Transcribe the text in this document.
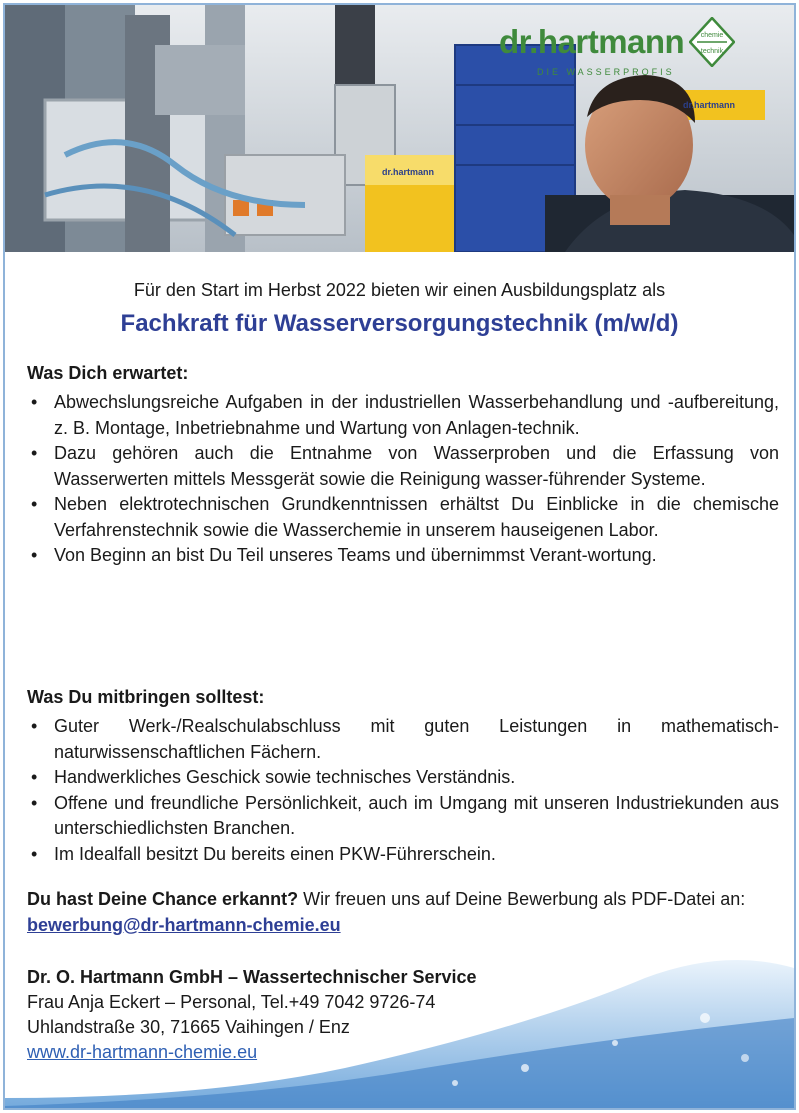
dr.hartmann
dr.hartmann
dr.hartmann
DIE WASSERPROFIS
chemie
technik
Für den Start im Herbst 2022 bieten wir einen Ausbildungsplatz als
Fachkraft für Wasserversorgungstechnik (m/w/d)
Was Dich erwartet:
• Abwechslungsreiche Aufgaben in der industriellen Wasserbehandlung und -aufbereitung, z. B. Montage, Inbetriebnahme und Wartung von Anlagen-technik.
• Dazu gehören auch die Entnahme von Wasserproben und die Erfassung von Wasserwerten mittels Messgerät sowie die Reinigung wasser-führender Systeme.
• Neben elektrotechnischen Grundkenntnissen erhältst Du Einblicke in die chemische Verfahrenstechnik sowie die Wasserchemie in unserem hauseigenen Labor.
• Von Beginn an bist Du Teil unseres Teams und übernimmst Verant-wortung.
Was Du mitbringen solltest:
• Guter Werk-/Realschulabschluss mit guten Leistungen in mathematisch-naturwissenschaftlichen Fächern.
• Handwerkliches Geschick sowie technisches Verständnis.
• Offene und freundliche Persönlichkeit, auch im Umgang mit unseren Industriekunden aus unterschiedlichsten Branchen.
• Im Idealfall besitzt Du bereits einen PKW-Führerschein.
Du hast Deine Chance erkannt? Wir freuen uns auf Deine Bewerbung als PDF-Datei an: bewerbung@dr-hartmann-chemie.eu
Dr. O. Hartmann GmbH – Wassertechnischer Service
Frau Anja Eckert – Personal, Tel.+49 7042 9726-74
Uhlandstraße 30, 71665 Vaihingen / Enz
www.dr-hartmann-chemie.eu
